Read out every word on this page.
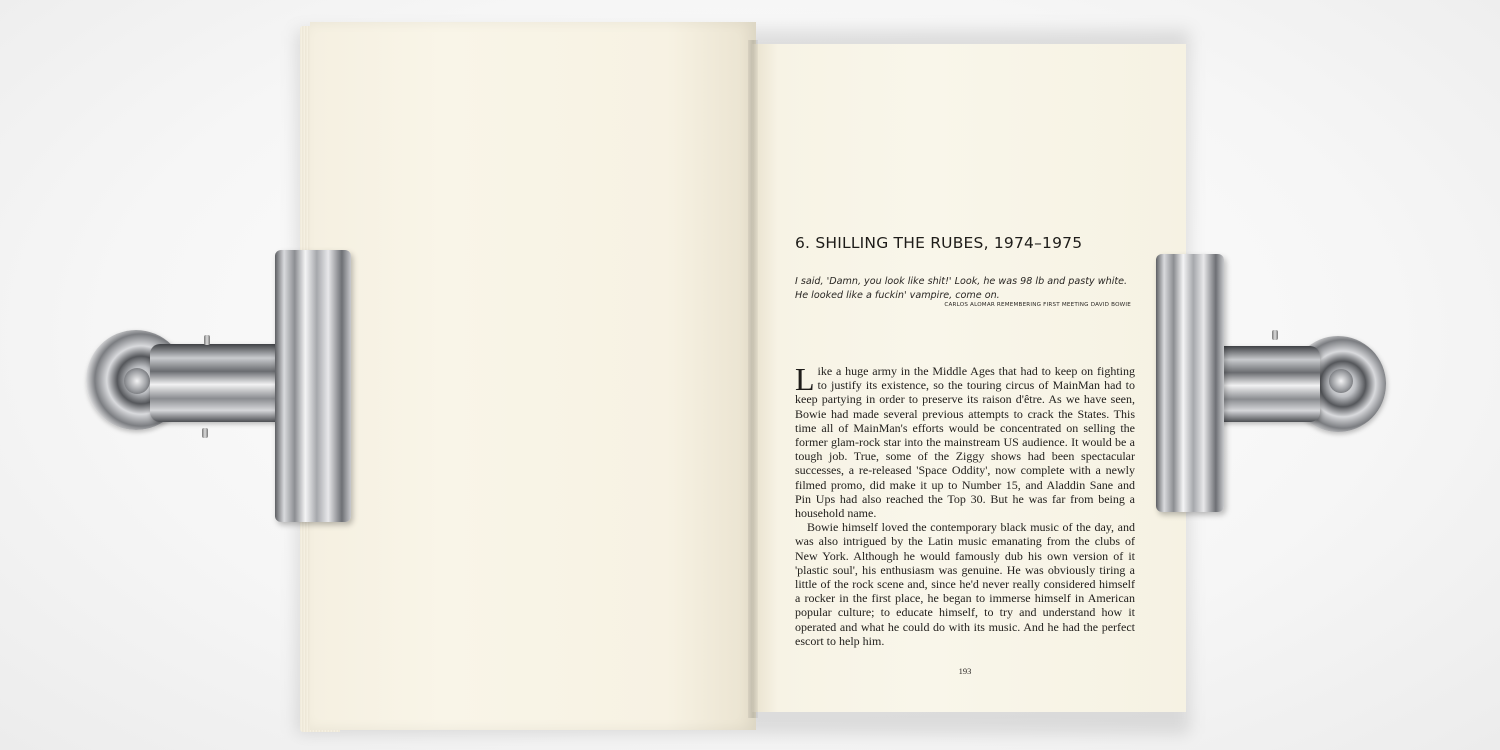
6. SHILLING THE RUBES, 1974–1975
I said, 'Damn, you look like shit!' Look, he was 98 lb and pasty white. He looked like a fuckin' vampire, come on.
CARLOS ALOMAR REMEMBERING FIRST MEETING DAVID BOWIE

Like a huge army in the Middle Ages that had to keep on fighting to justify its existence, so the touring circus of MainMan had to keep partying in order to preserve its raison d'être. As we have seen, Bowie had made several previous attempts to crack the States. This time all of MainMan's efforts would be concentrated on selling the former glam-rock star into the mainstream US audience. It would be a tough job. True, some of the Ziggy shows had been spectacular successes, a re-released 'Space Oddity', now complete with a newly filmed promo, did make it up to Number 15, and Aladdin Sane and Pin Ups had also reached the Top 30. But he was far from being a household name.

Bowie himself loved the contemporary black music of the day, and was also intrigued by the Latin music emanating from the clubs of New York. Although he would famously dub his own version of it 'plastic soul', his enthusiasm was genuine. He was obviously tiring a little of the rock scene and, since he'd never really considered himself a rocker in the first place, he began to immerse himself in American popular culture; to educate himself, to try and understand how it operated and what he could do with its music. And he had the perfect escort to help him.

193
